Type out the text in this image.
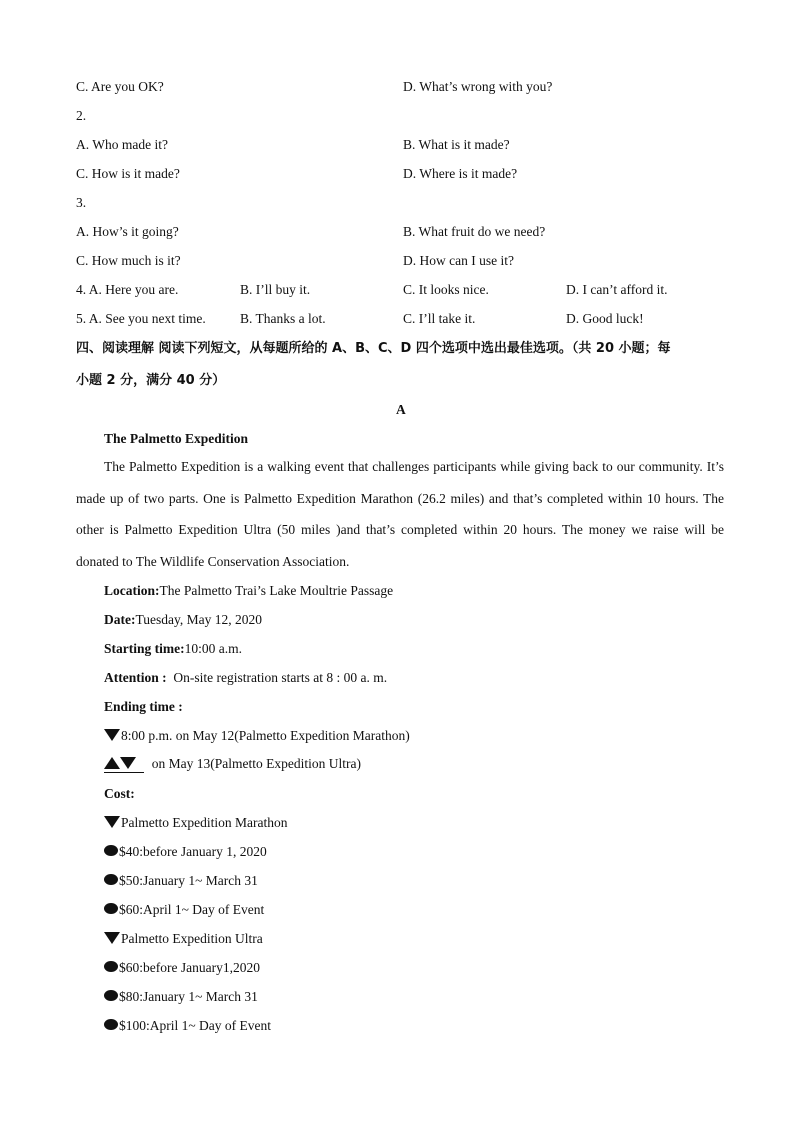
C. Are you OK?	D. What’s wrong with you?
2.
A. Who made it?	B. What is it made?
C. How is it made?	D. Where is it made?
3.
A. How’s it going?	B. What fruit do we need?
C. How much is it?	D. How can I use it?
4. A. Here you are.	B. I’ll buy it.	C. It looks nice.	D. I can’t afford it.
5. A. See you next time.	B. Thanks a lot.	C. I’ll take it.	D. Good luck!
四、阅读理解 阅读下列短文，从每题所给的 A、B、C、D 四个选项中选出最佳选项。（共 20 小题；每
小题 2 分，满分 40 分）
A
The Palmetto Expedition
The Palmetto Expedition is a walking event that challenges participants while giving back to our community. It’s made up of two parts. One is Palmetto Expedition Marathon (26.2 miles) and that’s completed within 10 hours. The other is Palmetto Expedition Ultra (50 miles )and that’s completed within 20 hours. The money we raise will be donated to The Wildlife Conservation Association.
Location:The Palmetto Trai’s Lake Moultrie Passage
Date:Tuesday, May 12, 2020
Starting time:10:00 a.m.
Attention : On-site registration starts at 8 : 00 a. m.
Ending time :
8:00 p.m. on May 12(Palmetto Expedition Marathon)
on May 13(Palmetto Expedition Ultra)
Cost:
Palmetto Expedition Marathon
$40:before January 1, 2020
$50:January 1~ March 31
$60:April 1~ Day of Event
Palmetto Expedition Ultra
$60:before January1,2020
$80:January 1~ March 31
$100:April 1~ Day of Event
